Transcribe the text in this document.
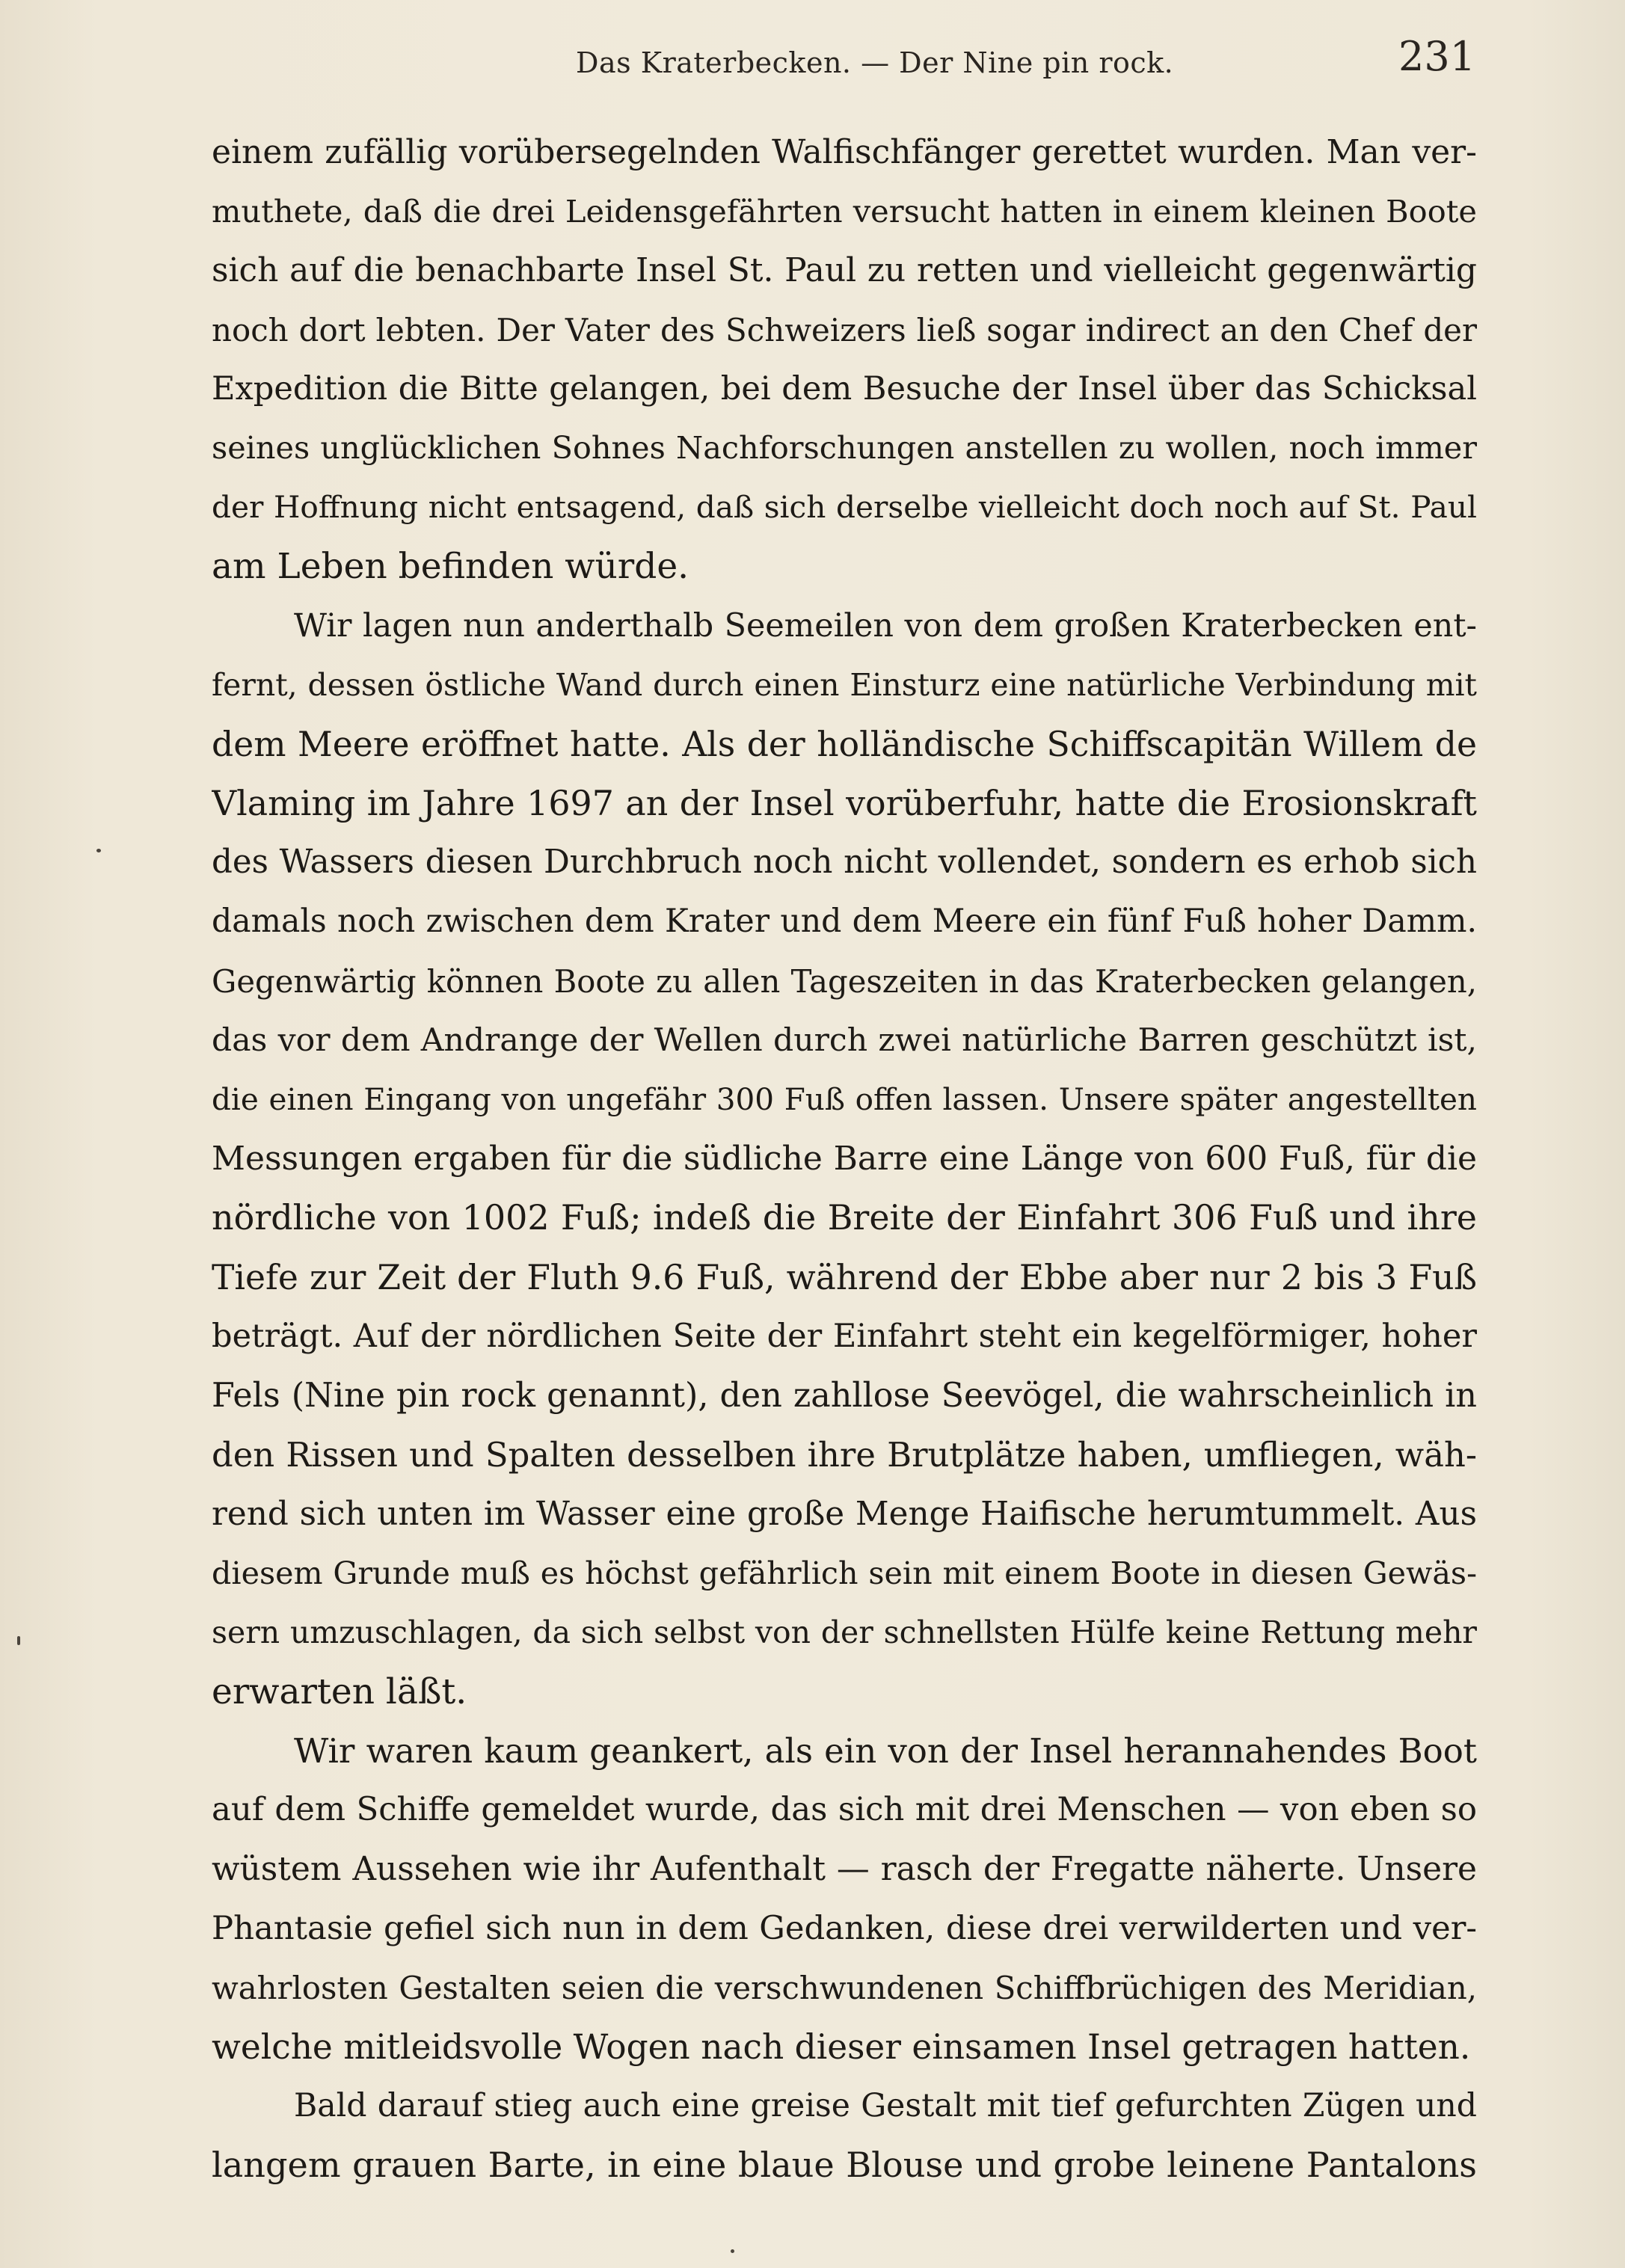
Das Kraterbecken. — Der Nine pin rock.	231
einem zufällig vorübersegelnden Walfischfänger gerettet wurden. Man ver-
muthete, daß die drei Leidensgefährten versucht hatten in einem kleinen Boote
sich auf die benachbarte Insel St. Paul zu retten und vielleicht gegenwärtig
noch dort lebten. Der Vater des Schweizers ließ sogar indirect an den Chef der
Expedition die Bitte gelangen, bei dem Besuche der Insel über das Schicksal
seines unglücklichen Sohnes Nachforschungen anstellen zu wollen, noch immer
der Hoffnung nicht entsagend, daß sich derselbe vielleicht doch noch auf St. Paul
am Leben befinden würde.
Wir lagen nun anderthalb Seemeilen von dem großen Kraterbecken ent-
fernt, dessen östliche Wand durch einen Einsturz eine natürliche Verbindung mit
dem Meere eröffnet hatte. Als der holländische Schiffscapitän Willem de
Vlaming im Jahre 1697 an der Insel vorüberfuhr, hatte die Erosionskraft
des Wassers diesen Durchbruch noch nicht vollendet, sondern es erhob sich
damals noch zwischen dem Krater und dem Meere ein fünf Fuß hoher Damm.
Gegenwärtig können Boote zu allen Tageszeiten in das Kraterbecken gelangen,
das vor dem Andrange der Wellen durch zwei natürliche Barren geschützt ist,
die einen Eingang von ungefähr 300 Fuß offen lassen. Unsere später angestellten
Messungen ergaben für die südliche Barre eine Länge von 600 Fuß, für die
nördliche von 1002 Fuß; indeß die Breite der Einfahrt 306 Fuß und ihre
Tiefe zur Zeit der Fluth 9.6 Fuß, während der Ebbe aber nur 2 bis 3 Fuß
beträgt. Auf der nördlichen Seite der Einfahrt steht ein kegelförmiger, hoher
Fels (Nine pin rock genannt), den zahllose Seevögel, die wahrscheinlich in
den Rissen und Spalten desselben ihre Brutplätze haben, umfliegen, wäh-
rend sich unten im Wasser eine große Menge Haifische herumtummelt. Aus
diesem Grunde muß es höchst gefährlich sein mit einem Boote in diesen Gewäs-
sern umzuschlagen, da sich selbst von der schnellsten Hülfe keine Rettung mehr
erwarten läßt.
Wir waren kaum geankert, als ein von der Insel herannahendes Boot
auf dem Schiffe gemeldet wurde, das sich mit drei Menschen — von eben so
wüstem Aussehen wie ihr Aufenthalt — rasch der Fregatte näherte. Unsere
Phantasie gefiel sich nun in dem Gedanken, diese drei verwilderten und ver-
wahrlosten Gestalten seien die verschwundenen Schiffbrüchigen des Meridian,
welche mitleidsvolle Wogen nach dieser einsamen Insel getragen hatten.
Bald darauf stieg auch eine greise Gestalt mit tief gefurchten Zügen und
langem grauen Barte, in eine blaue Blouse und grobe leinene Pantalons
